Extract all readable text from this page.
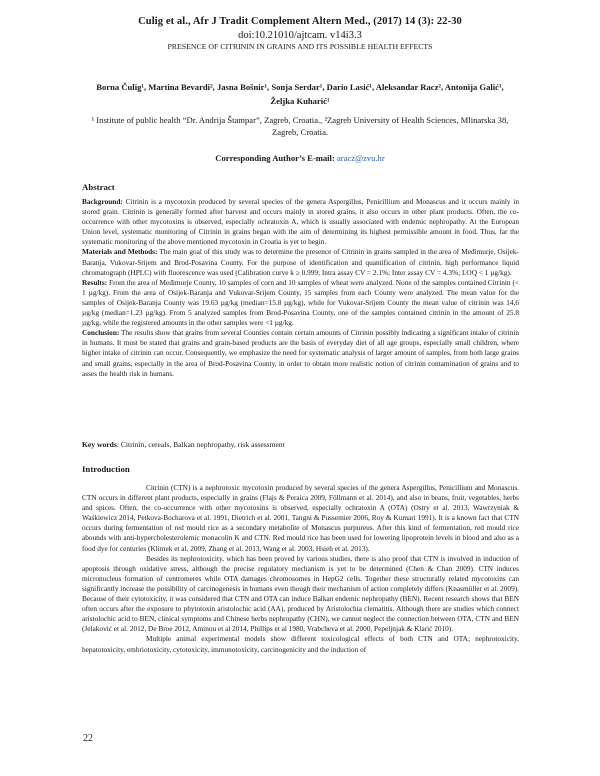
Culig et al., Afr J Tradit Complement Altern Med., (2017) 14 (3): 22-30
doi:10.21010/ajtcam. v14i3.3
PRESENCE OF CITRININ IN GRAINS AND ITS POSSIBLE HEALTH EFFECTS
Borna Čulig¹, Martina Bevardi², Jasna Bošnir¹, Sonja Serdar¹, Dario Lasić¹, Aleksandar Racz², Antonija Galić¹, Željka Kuharić¹
¹ Institute of public health “Dr. Andrija Štampar”, Zagreb, Croatia., ²Zagreb University of Health Sciences, Mlinarska 38, Zagreb, Croatia.
Corresponding Author’s E-mail: aracz@zvu.hr
Abstract

Background: Citrinin is a mycotoxin produced by several species of the genera Aspergillus, Penicillium and Monascus and it occurs mainly in stored grain. Citrinin is generally formed after harvest and occurs mainly in stored grains, it also occurs in other plant products. Often, the co-occurrence with other mycotoxins is observed, especially ochratoxin A, which is usually associated with endemic nephropathy. At the European Union level, systematic monitoring of Citrinin in grains began with the aim of determining its highest permissible amount in food. Thus, far the systematic monitoring of the above mentioned mycotoxin in Croatia is yet to begin.

Materials and Methods: The main goal of this study was to determine the presence of Citrinin in grains sampled in the area of Međimurje, Osijek-Baranja, Vukovar-Srijem and Brod-Posavina County. For the purpose of identification and quantification of citrinin, high performance liquid chromatograph (HPLC) with fluorescence was used (Calibration curve k ≥ 0.999; Intra assay CV = 2.1%; Inter assay CV = 4.3%; LOQ < 1 µg/kg).

Results: From the area of Međimurje County, 10 samples of corn and 10 samples of wheat were analyzed. None of the samples contained Citrinin (< 1 µg/kg). From the area of Osijek-Baranja and Vukovar-Srijem County, 15 samples from each County were analyzed. The mean value for the samples of Osijek-Baranja County was 19.63 µg/kg (median=15.8 µg/kg), while for Vukovar-Srijem County the mean value of citrinin was 14,6 µg/kg (median=1.23 µg/kg). From 5 analyzed samples from Brod-Posavina County, one of the samples contained citrinin in the amount of 25.8 µg/kg, while the registered amounts in the other samples were <1 µg/kg.

Conclusion: The results show that grains from several Counties contain certain amounts of Citrinin possibly indicating a significant intake of citrinin in humans. It must be stated that grains and grain-based products are the basis of everyday diet of all age groups, especially small children, where higher intake of citrinin can occur. Consequently, we emphasize the need for systematic analysis of larger amount of samples, from both large grains and small grains, especially in the area of Brod-Posavina County, in order to obtain more realistic notion of citrinin contamination of grains and to asses the health risk in humans.

Key words: Citrinin, cereals, Balkan nephropathy, risk assessment
Introduction

Citrinin (CTN) is a nephrotoxic mycotoxin produced by several species of the genera Aspergillus, Penicillium and Monascus. CTN occurs in different plant products, especially in grains (Flajs & Peraica 2009, Föllmann et al. 2014), and also in beans, fruit, vegetables, herbs and spices. Often, the co-occurrence with other mycotoxins is observed, especially ochratoxin A (OTA) (Ostry et al. 2013, Wawrzyniak & Waśkiewicz 2014, Petkova-Bocharova et al. 1991, Dietrich et al. 2001, Tangni & Pussemier 2006, Roy & Kumari 1991). It is a known fact that CTN occurs during fermentation of red mould rice as a secondary metabolite of Monascus purpureus. After this kind of fermentation, red mould rice abounds with anti-hypercholesterolemic monacolin K and CTN. Red mould rice has been used for lowering lipoprotein levels in blood and also as a food dye for centuries (Klimek et al. 2009, Zhang et al. 2013, Wang et al. 2003, Hsieh et al. 2013).

Besides its nephrotoxicity, which has been proved by various studies, there is also proof that CTN is involved in induction of apoptosis through oxidative stress, although the precise regulatory mechanism is yet to be determined (Chen & Chan 2009). CTN induces micronucleus formation of centromeres while OTA damages chromosomes in HepG2 cells. Together these structurally related mycotoxins can significantly increase the possibility of carcinogenesis in humans even though their mechanism of action completely differs (Knasmüller et al. 2009). Because of their cytotoxicity, it was considered that CTN and OTA can induce Balkan endemic nephropathy (BEN). Recent research shows that BEN often occurs after the exposure to phytotoxin aristolochic acid (AA), produced by Aristolochia clematitis. Although there are studies which connect aristolochic acid to BEN, clinical symptoms and Chinese herbs nephropathy (CHN), we cannot neglect the connection between OTA, CTN and BEN (Jelaković et al. 2012, De Broe 2012, Aminou et al 2014, Phillips et al 1980, Vrabcheva et al. 2000, Pepeljnjak & Klarić 2010).

Multiple animal experimental models show different toxicological effects of both CTN and OTA; nephrotoxicity, hepatotoxicity, embriotoxicity, cytotoxicity, immunotoxicity, carcinogenicity and the induction of

22
